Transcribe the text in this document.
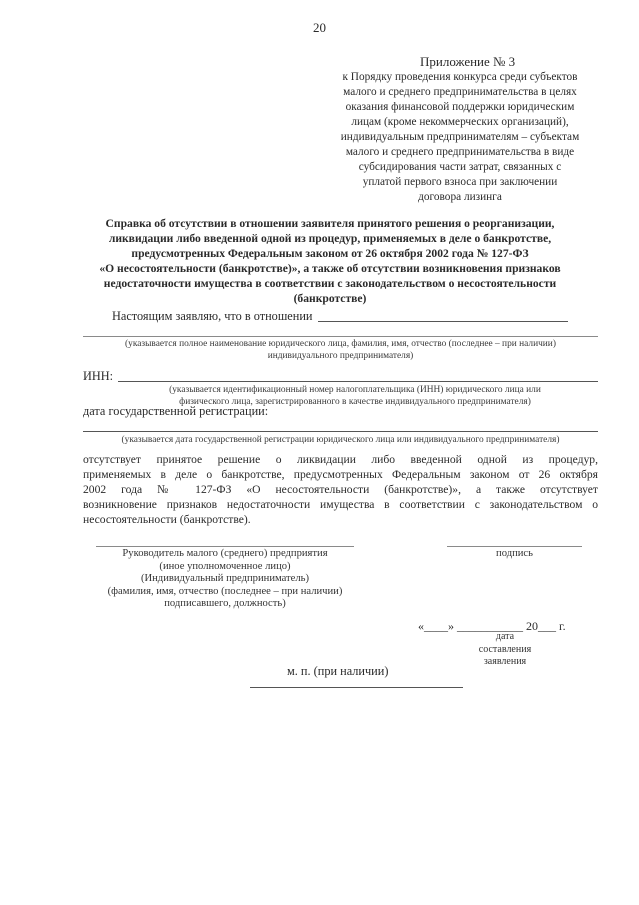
20
Приложение № 3
к Порядку проведения конкурса среди субъектов
малого и среднего предпринимательства в целях
оказания финансовой поддержки юридическим
лицам (кроме некоммерческих организаций),
индивидуальным предпринимателям – субъектам
малого и среднего предпринимательства в виде
субсидирования части затрат, связанных с
уплатой первого взноса при заключении
договора лизинга
Справка об отсутствии в отношении заявителя принятого решения о реорганизации,
ликвидации либо введенной одной из процедур, применяемых в деле о банкротстве,
предусмотренных Федеральным законом от 26 октября 2002 года № 127-ФЗ
«О несостоятельности (банкротстве)», а также об отсутствии возникновения признаков
недостаточности имущества в соответствии с законодательством о несостоятельности
(банкротстве)
Настоящим заявляю, что в отношении
(указывается полное наименование юридического лица, фамилия, имя, отчество (последнее – при наличии)
индивидуального предпринимателя)
ИНН:
(указывается идентификационный номер налогоплательщика (ИНН) юридического лица или
физического лица, зарегистрированного в качестве индивидуального предпринимателя)
дата государственной регистрации:
(указывается дата государственной регистрации юридического лица или индивидуального предпринимателя)
отсутствует принятое решение о ликвидации либо введенной одной из процедур,
применяемых в деле о банкротстве, предусмотренных Федеральным законом от 26 октября
2002 года № 127-ФЗ «О несостоятельности (банкротстве)», а также отсутствует
возникновение признаков недостаточности имущества в соответствии с законодательством о
несостоятельности (банкротстве).
Руководитель малого (среднего) предприятия
(иное уполномоченное лицо)
(Индивидуальный предприниматель)
(фамилия, имя, отчество (последнее – при наличии)
подписавшего, должность)
подпись
«____» ___________ 20___ г.
дата
составления
заявления
м. п. (при наличии)
